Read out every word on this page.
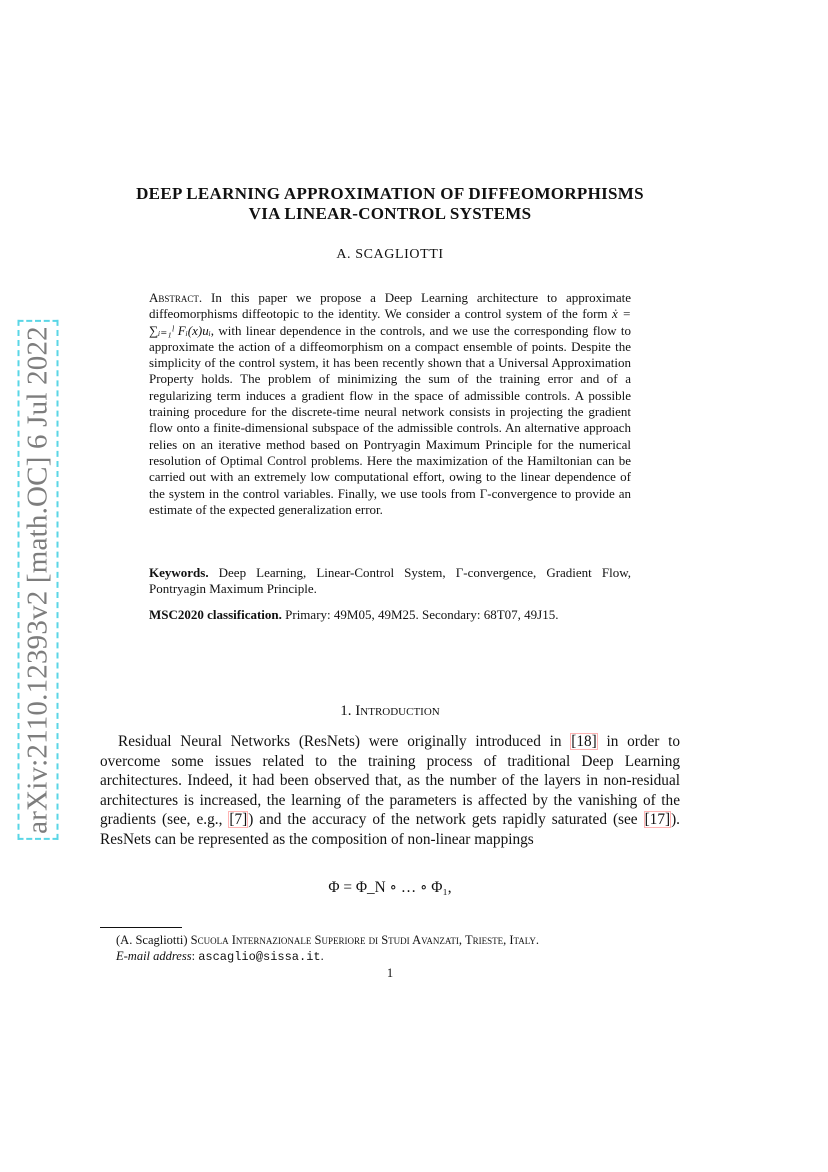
arXiv:2110.12393v2 [math.OC] 6 Jul 2022
DEEP LEARNING APPROXIMATION OF DIFFEOMORPHISMS
VIA LINEAR-CONTROL SYSTEMS
A. SCAGLIOTTI
Abstract. In this paper we propose a Deep Learning architecture to approximate diffeomorphisms diffeotopic to the identity. We consider a control system of the form ẋ = ∑ᵢ₌₁ˡ Fᵢ(x)uᵢ, with linear dependence in the controls, and we use the corresponding flow to approximate the action of a diffeomorphism on a compact ensemble of points. Despite the simplicity of the control system, it has been recently shown that a Universal Approximation Property holds. The problem of minimizing the sum of the training error and of a regularizing term induces a gradient flow in the space of admissible controls. A possible training procedure for the discrete-time neural network consists in projecting the gradient flow onto a finite-dimensional subspace of the admissible controls. An alternative approach relies on an iterative method based on Pontryagin Maximum Principle for the numerical resolution of Optimal Control problems. Here the maximization of the Hamiltonian can be carried out with an extremely low computational effort, owing to the linear dependence of the system in the control variables. Finally, we use tools from Γ-convergence to provide an estimate of the expected generalization error.
Keywords. Deep Learning, Linear-Control System, Γ-convergence, Gradient Flow, Pontryagin Maximum Principle.
MSC2020 classification. Primary: 49M05, 49M25. Secondary: 68T07, 49J15.
1. Introduction

Residual Neural Networks (ResNets) were originally introduced in [18] in order to overcome some issues related to the training process of traditional Deep Learning architectures. Indeed, it had been observed that, as the number of the layers in non-residual architectures is increased, the learning of the parameters is affected by the vanishing of the gradients (see, e.g., [7]) and the accuracy of the network gets rapidly saturated (see [17]). ResNets can be represented as the composition of non-linear mappings

Φ = Φ_N ∘ … ∘ Φ₁,
(A. Scagliotti) Scuola Internazionale Superiore di Studi Avanzati, Trieste, Italy.
E-mail address: ascaglio@sissa.it.
1
